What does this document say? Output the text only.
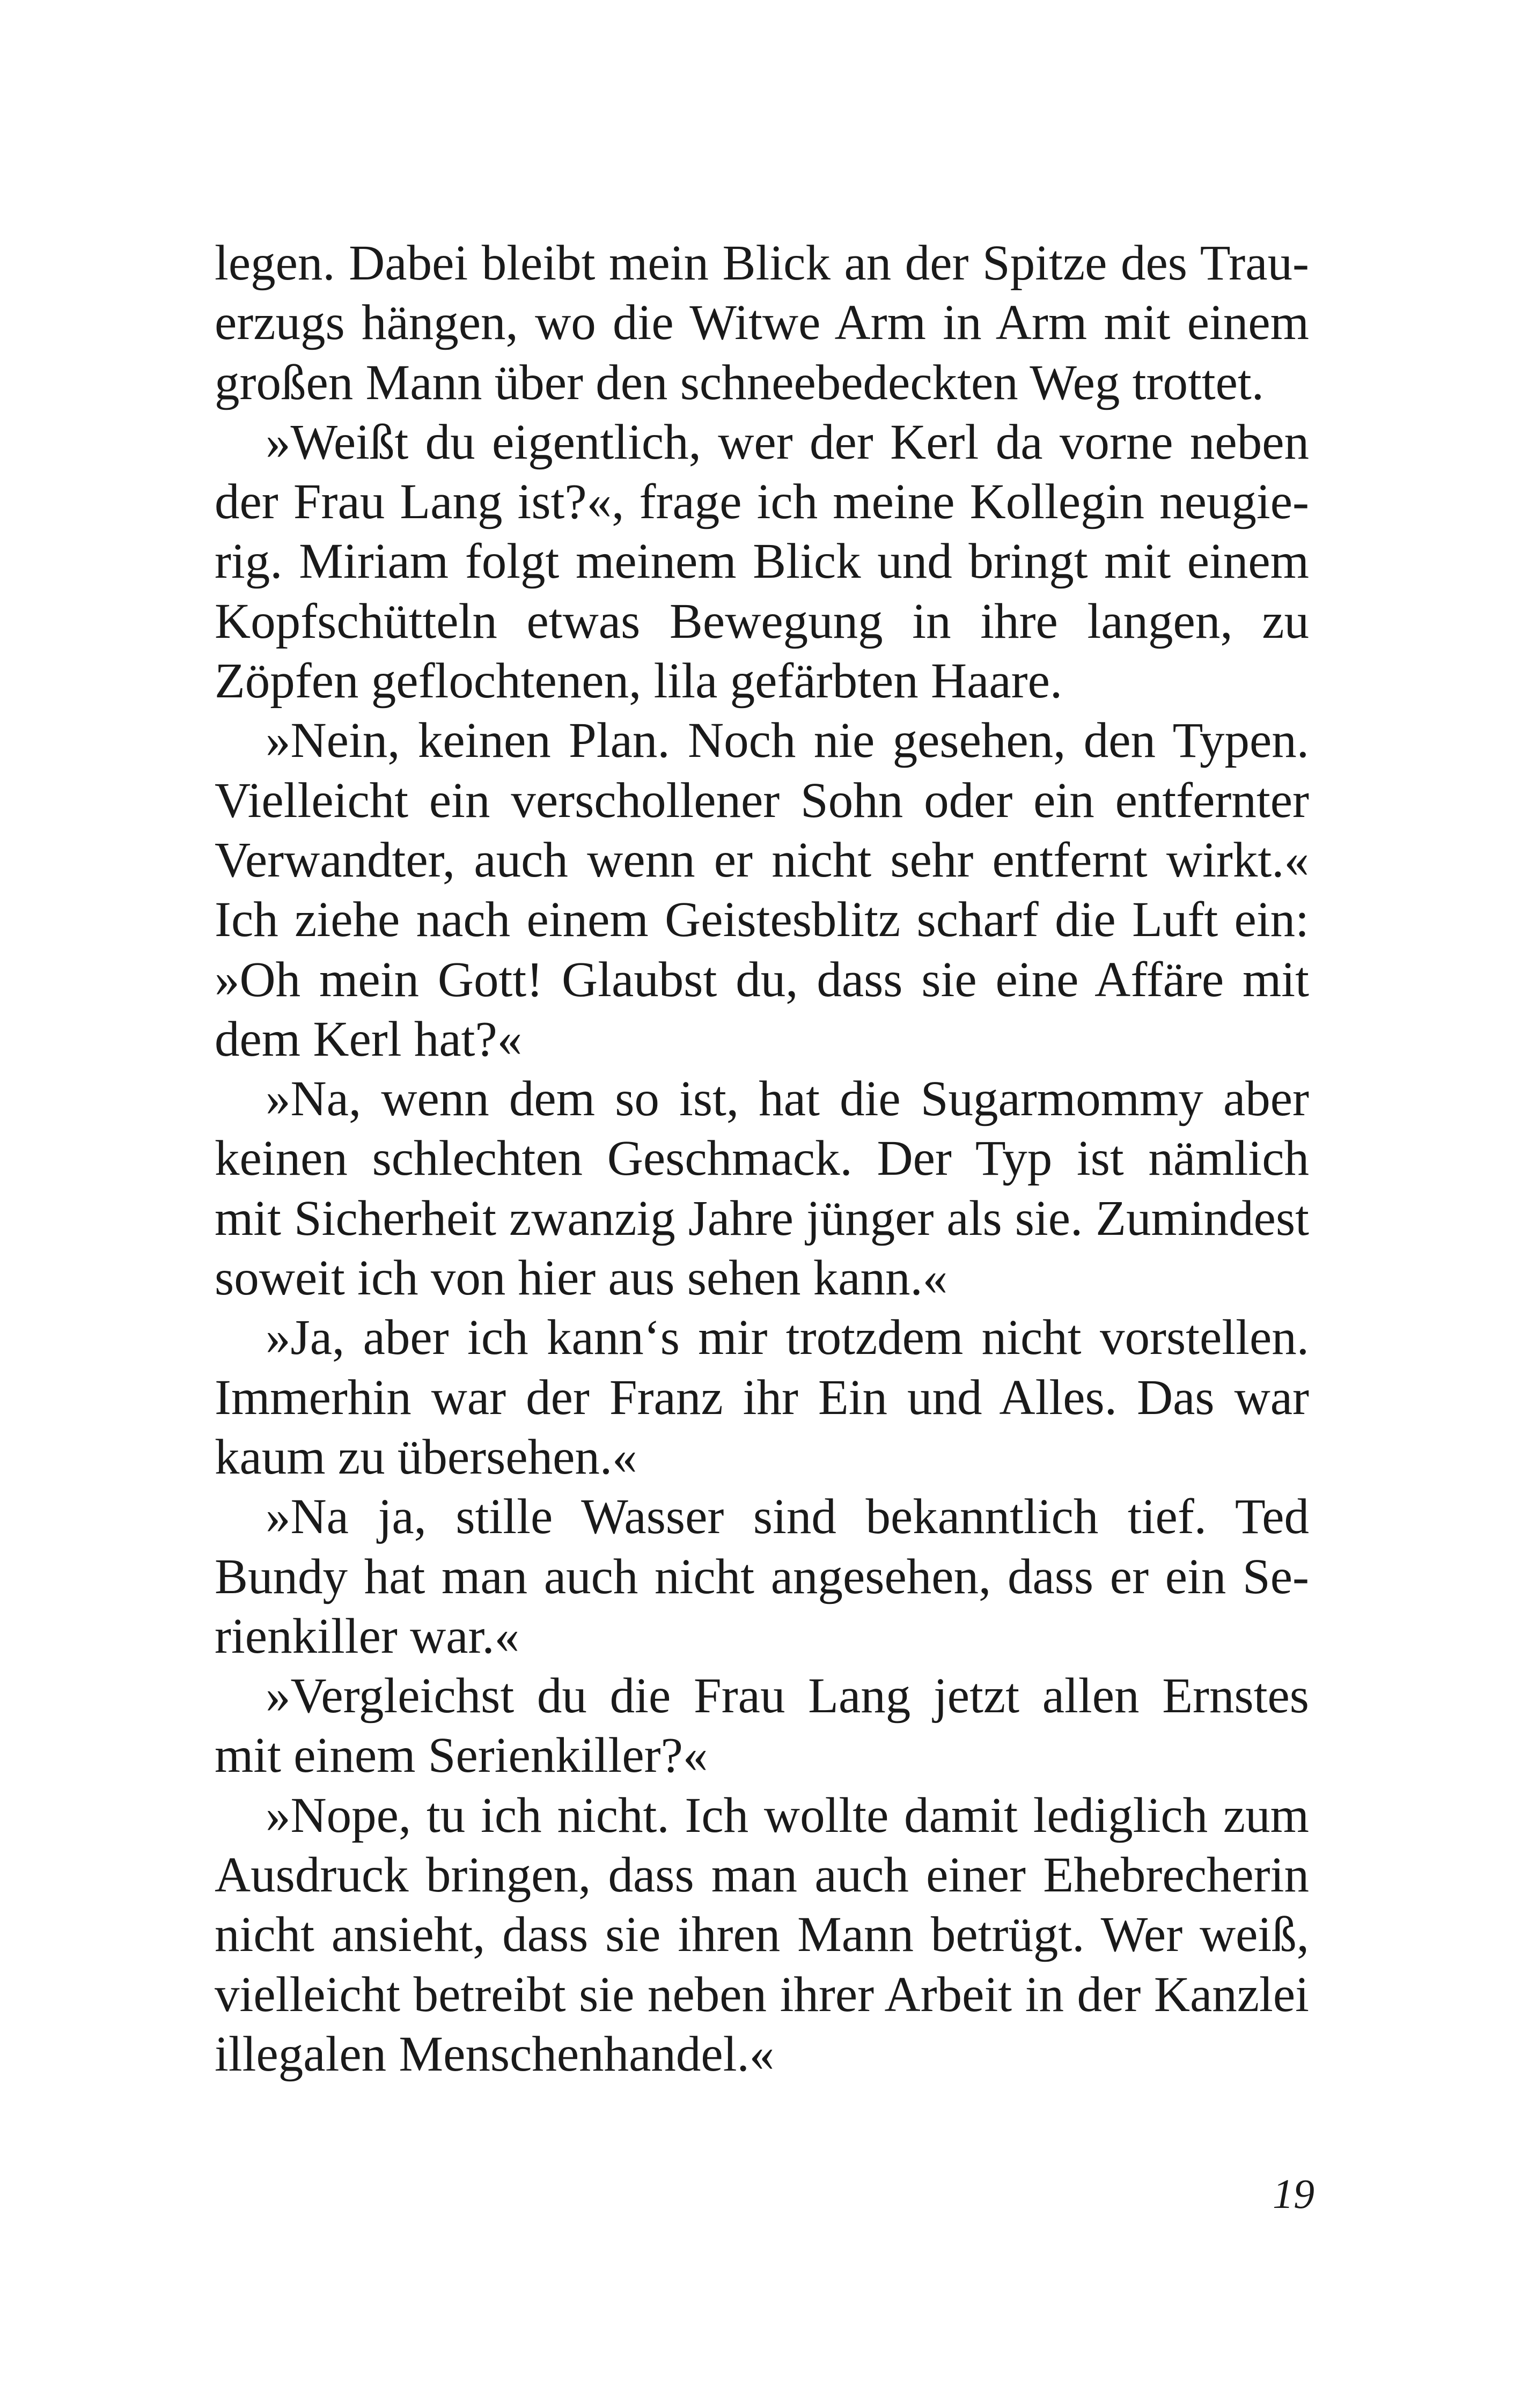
legen. Dabei bleibt mein Blick an der Spitze des Trau-
erzugs hängen, wo die Witwe Arm in Arm mit einem
großen Mann über den schneebedeckten Weg trottet.
»Weißt du eigentlich, wer der Kerl da vorne neben
der Frau Lang ist?«, frage ich meine Kollegin neugie-
rig. Miriam folgt meinem Blick und bringt mit einem
Kopfschütteln etwas Bewegung in ihre langen, zu
Zöpfen geflochtenen, lila gefärbten Haare.
»Nein, keinen Plan. Noch nie gesehen, den Typen.
Vielleicht ein verschollener Sohn oder ein entfernter
Verwandter, auch wenn er nicht sehr entfernt wirkt.«
Ich ziehe nach einem Geistesblitz scharf die Luft ein:
»Oh mein Gott! Glaubst du, dass sie eine Affäre mit
dem Kerl hat?«
»Na, wenn dem so ist, hat die Sugarmommy aber
keinen schlechten Geschmack. Der Typ ist nämlich
mit Sicherheit zwanzig Jahre jünger als sie. Zumindest
soweit ich von hier aus sehen kann.«
»Ja, aber ich kann‘s mir trotzdem nicht vorstellen.
Immerhin war der Franz ihr Ein und Alles. Das war
kaum zu übersehen.«
»Na ja, stille Wasser sind bekanntlich tief. Ted
Bundy hat man auch nicht angesehen, dass er ein Se-
rienkiller war.«
»Vergleichst du die Frau Lang jetzt allen Ernstes
mit einem Serienkiller?«
»Nope, tu ich nicht. Ich wollte damit lediglich zum
Ausdruck bringen, dass man auch einer Ehebrecherin
nicht ansieht, dass sie ihren Mann betrügt. Wer weiß,
vielleicht betreibt sie neben ihrer Arbeit in der Kanzlei
illegalen Menschenhandel.«
19
